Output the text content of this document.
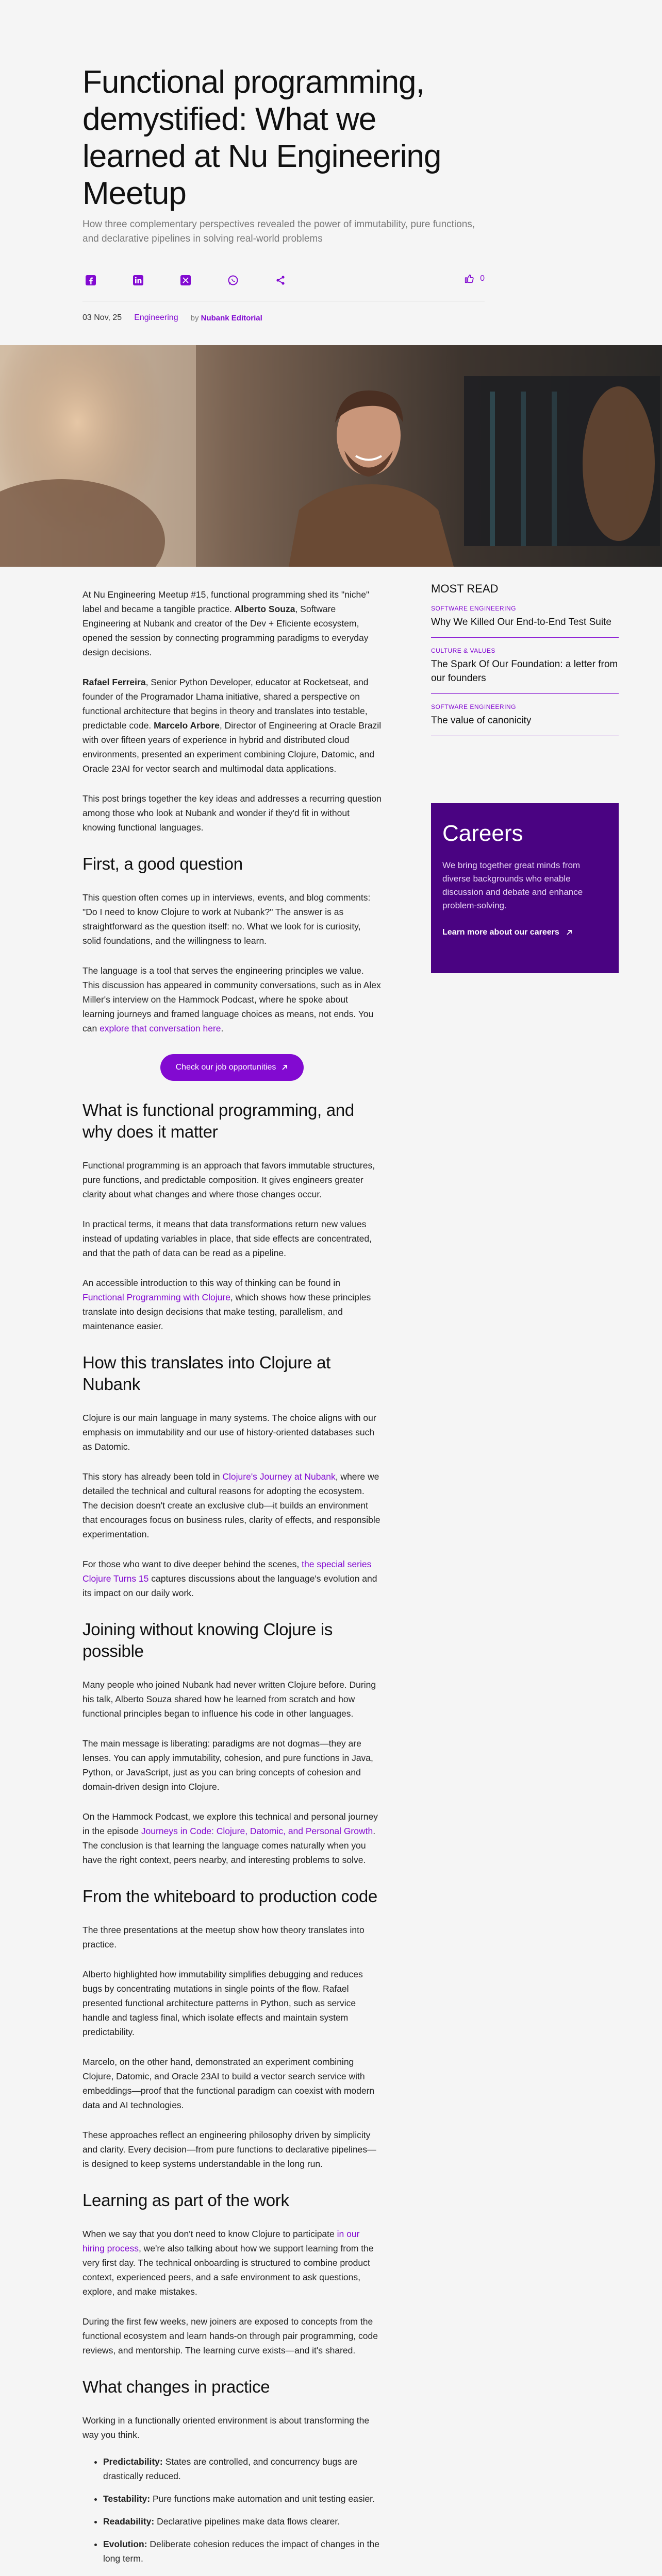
Functional programming, demystified: What we learned at Nu Engineering Meetup

How three complementary perspectives revealed the power of immutability, pure functions, and declarative pipelines in solving real-world problems

0
03 Nov, 25 Engineering by Nubank Editorial

At Nu Engineering Meetup #15, functional programming shed its "niche" label and became a tangible practice. Alberto Souza, Software Engineering at Nubank and creator of the Dev + Eficiente ecosystem, opened the session by connecting programming paradigms to everyday design decisions.

Rafael Ferreira, Senior Python Developer, educator at Rocketseat, and founder of the Programador Lhama initiative, shared a perspective on functional architecture that begins in theory and translates into testable, predictable code. Marcelo Arbore, Director of Engineering at Oracle Brazil with over fifteen years of experience in hybrid and distributed cloud environments, presented an experiment combining Clojure, Datomic, and Oracle 23AI for vector search and multimodal data applications.

This post brings together the key ideas and addresses a recurring question among those who look at Nubank and wonder if they'd fit in without knowing functional languages.

First, a good question

This question often comes up in interviews, events, and blog comments: "Do I need to know Clojure to work at Nubank?" The answer is as straightforward as the question itself: no. What we look for is curiosity, solid foundations, and the willingness to learn.

The language is a tool that serves the engineering principles we value. This discussion has appeared in community conversations, such as in Alex Miller's interview on the Hammock Podcast, where he spoke about learning journeys and framed language choices as means, not ends. You can explore that conversation here.

Check our job opportunities
What is functional programming, and why does it matter

Functional programming is an approach that favors immutable structures, pure functions, and predictable composition. It gives engineers greater clarity about what changes and where those changes occur.

In practical terms, it means that data transformations return new values instead of updating variables in place, that side effects are concentrated, and that the path of data can be read as a pipeline.

An accessible introduction to this way of thinking can be found in Functional Programming with Clojure, which shows how these principles translate into design decisions that make testing, parallelism, and maintenance easier.

How this translates into Clojure at Nubank

Clojure is our main language in many systems. The choice aligns with our emphasis on immutability and our use of history-oriented databases such as Datomic.

This story has already been told in Clojure's Journey at Nubank, where we detailed the technical and cultural reasons for adopting the ecosystem. The decision doesn't create an exclusive club—it builds an environment that encourages focus on business rules, clarity of effects, and responsible experimentation.

For those who want to dive deeper behind the scenes, the special series Clojure Turns 15 captures discussions about the language's evolution and its impact on our daily work.

Joining without knowing Clojure is possible

Many people who joined Nubank had never written Clojure before. During his talk, Alberto Souza shared how he learned from scratch and how functional principles began to influence his code in other languages.

The main message is liberating: paradigms are not dogmas—they are lenses. You can apply immutability, cohesion, and pure functions in Java, Python, or JavaScript, just as you can bring concepts of cohesion and domain-driven design into Clojure.

On the Hammock Podcast, we explore this technical and personal journey in the episode Journeys in Code: Clojure, Datomic, and Personal Growth. The conclusion is that learning the language comes naturally when you have the right context, peers nearby, and interesting problems to solve.

From the whiteboard to production code

The three presentations at the meetup show how theory translates into practice.

Alberto highlighted how immutability simplifies debugging and reduces bugs by concentrating mutations in single points of the flow. Rafael presented functional architecture patterns in Python, such as service handle and tagless final, which isolate effects and maintain system predictability.

Marcelo, on the other hand, demonstrated an experiment combining Clojure, Datomic, and Oracle 23AI to build a vector search service with embeddings—proof that the functional paradigm can coexist with modern data and AI technologies.

These approaches reflect an engineering philosophy driven by simplicity and clarity. Every decision—from pure functions to declarative pipelines—is designed to keep systems understandable in the long run.

Learning as part of the work

When we say that you don't need to know Clojure to participate in our hiring process, we're also talking about how we support learning from the very first day. The technical onboarding is structured to combine product context, experienced peers, and a safe environment to ask questions, explore, and make mistakes.

During the first few weeks, new joiners are exposed to concepts from the functional ecosystem and learn hands-on through pair programming, code reviews, and mentorship. The learning curve exists—and it's shared.

What changes in practice

Working in a functionally oriented environment is about transforming the way you think.

• Predictability: States are controlled, and concurrency bugs are drastically reduced.
• Testability: Pure functions make automation and unit testing easier.
• Readability: Declarative pipelines make data flows clearer.
• Evolution: Deliberate cohesion reduces the impact of changes in the long term.

MOST READ
SOFTWARE ENGINEERING
Why We Killed Our End-to-End Test Suite
CULTURE & VALUES
The Spark Of Our Foundation: a letter from our founders
SOFTWARE ENGINEERING
The value of canonicity
Careers

We bring together great minds from diverse backgrounds who enable discussion and debate and enhance problem-solving.

Learn more about our careers
